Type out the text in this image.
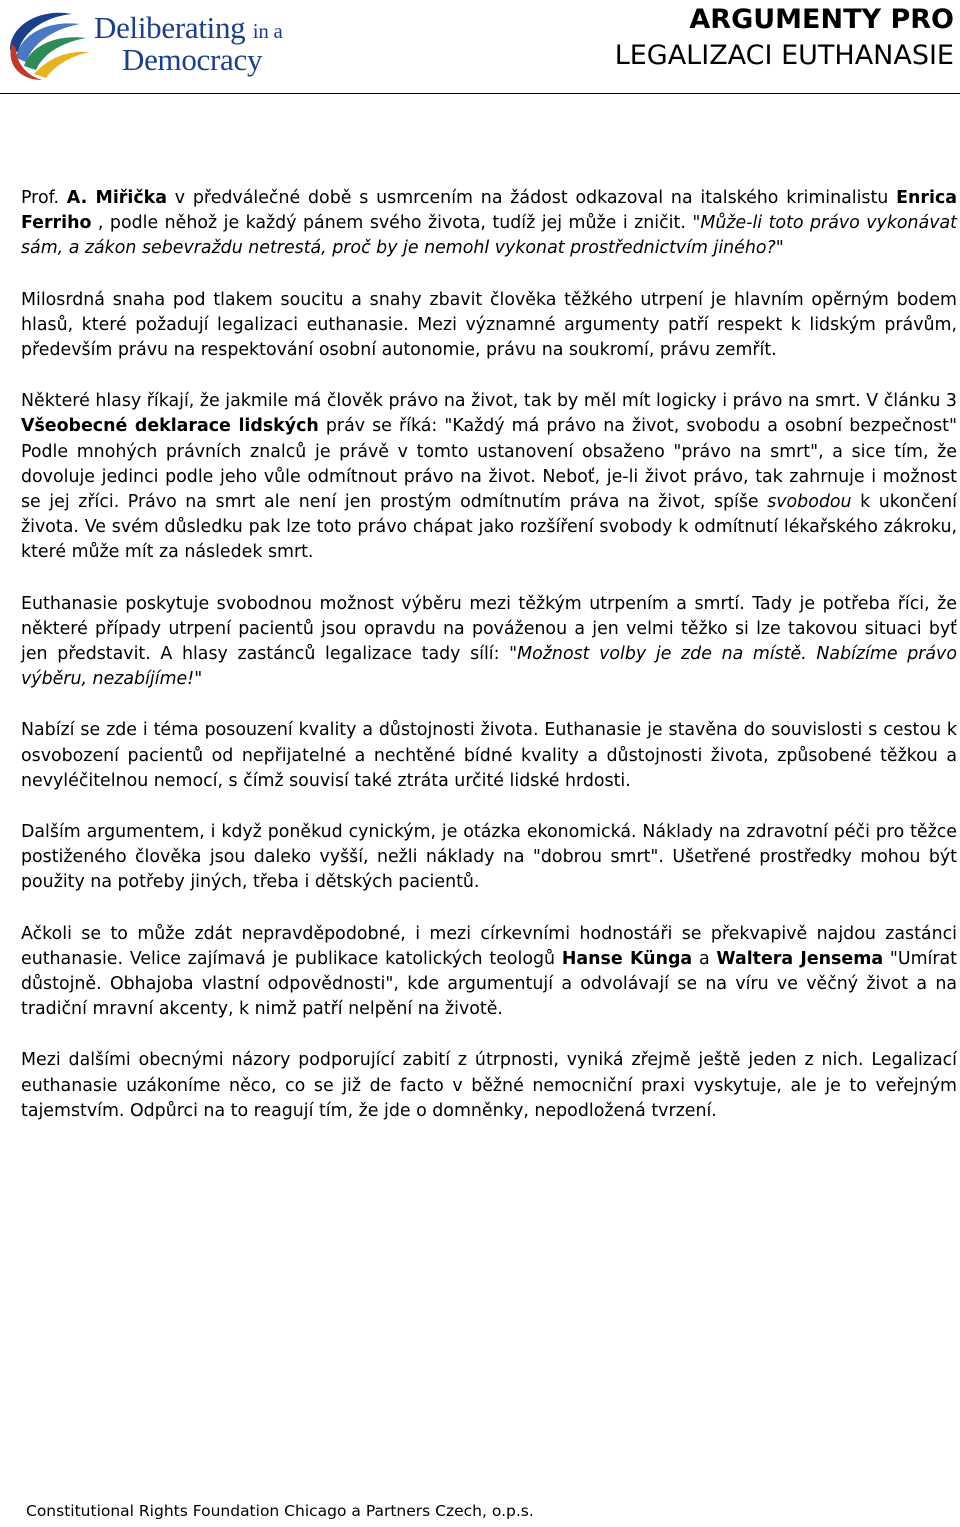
Deliberating in a
Democracy
ARGUMENTY PRO
LEGALIZACI EUTHANASIE

Prof. A. Miřička v předválečné době s usmrcením na žádost odkazoval na italského kriminalistu Enrica Ferriho , podle něhož je každý pánem svého života, tudíž jej může i zničit. "Může-li toto právo vykonávat sám, a zákon sebevraždu netrestá, proč by je nemohl vykonat prostřednictvím jiného?"

Milosrdná snaha pod tlakem soucitu a snahy zbavit člověka těžkého utrpení je hlavním opěrným bodem hlasů, které požadují legalizaci euthanasie. Mezi významné argumenty patří respekt k lidským právům, především právu na respektování osobní autonomie, právu na soukromí, právu zemřít.

Některé hlasy říkají, že jakmile má člověk právo na život, tak by měl mít logicky i právo na smrt. V článku 3 Všeobecné deklarace lidských práv se říká: "Každý má právo na život, svobodu a osobní bezpečnost" Podle mnohých právních znalců je právě v tomto ustanovení obsaženo "právo na smrt", a sice tím, že dovoluje jedinci podle jeho vůle odmítnout právo na život. Neboť, je-li život právo, tak zahrnuje i možnost se jej zříci. Právo na smrt ale není jen prostým odmítnutím práva na život, spíše svobodou k ukončení života. Ve svém důsledku pak lze toto právo chápat jako rozšíření svobody k odmítnutí lékařského zákroku, které může mít za následek smrt.

Euthanasie poskytuje svobodnou možnost výběru mezi těžkým utrpením a smrtí. Tady je potřeba říci, že některé případy utrpení pacientů jsou opravdu na pováženou a jen velmi těžko si lze takovou situaci byť jen představit. A hlasy zastánců legalizace tady sílí: "Možnost volby je zde na místě. Nabízíme právo výběru, nezabíjíme!"

Nabízí se zde i téma posouzení kvality a důstojnosti života. Euthanasie je stavěna do souvislosti s cestou k osvobození pacientů od nepřijatelné a nechtěné bídné kvality a důstojnosti života, způsobené těžkou a nevyléčitelnou nemocí, s čímž souvisí také ztráta určité lidské hrdosti.

Dalším argumentem, i když poněkud cynickým, je otázka ekonomická. Náklady na zdravotní péči pro těžce postiženého člověka jsou daleko vyšší, nežli náklady na "dobrou smrt". Ušetřené prostředky mohou být použity na potřeby jiných, třeba i dětských pacientů.

Ačkoli se to může zdát nepravděpodobné, i mezi církevními hodnostáři se překvapivě najdou zastánci euthanasie. Velice zajímavá je publikace katolických teologů Hanse Künga a Waltera Jensema "Umírat důstojně. Obhajoba vlastní odpovědnosti", kde argumentují a odvolávají se na víru ve věčný život a na tradiční mravní akcenty, k nimž patří nelpění na životě.

Mezi dalšími obecnými názory podporující zabití z útrpnosti, vyniká zřejmě ještě jeden z nich. Legalizací euthanasie uzákoníme něco, co se již de facto v běžné nemocniční praxi vyskytuje, ale je to veřejným tajemstvím. Odpůrci na to reagují tím, že jde o domněnky, nepodložená tvrzení.

Constitutional Rights Foundation Chicago a Partners Czech, o.p.s.
